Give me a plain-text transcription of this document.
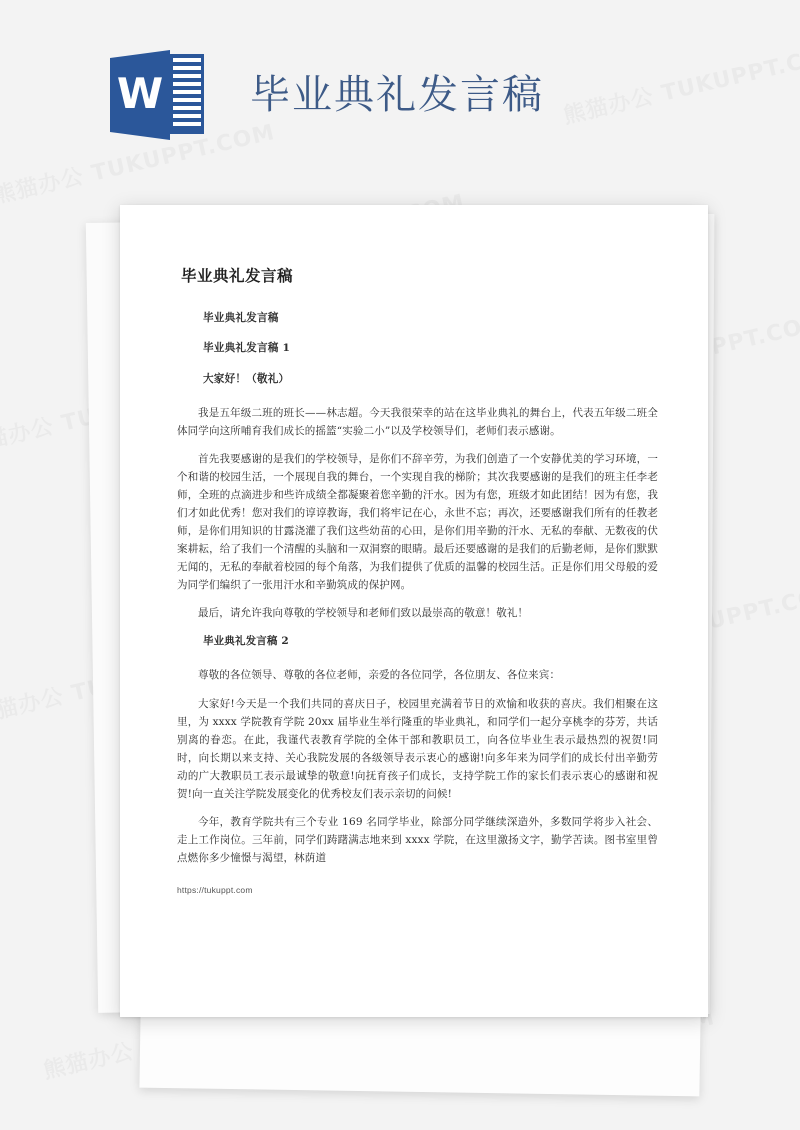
W 毕业典礼发言稿
毕业典礼发言稿

毕业典礼发言稿

毕业典礼发言稿 1

大家好！（敬礼）

我是五年级二班的班长——林志超。今天我很荣幸的站在这毕业典礼的舞台上，代表五年级二班全体同学向这所哺育我们成长的摇篮“实验二小”以及学校领导们，老师们表示感谢。

首先我要感谢的是我们的学校领导，是你们不辞辛劳，为我们创造了一个安静优美的学习环境，一个和谐的校园生活，一个展现自我的舞台，一个实现自我的梯阶；其次我要感谢的是我们的班主任李老师，全班的点滴进步和些许成绩全都凝聚着您辛勤的汗水。因为有您，班级才如此团结！因为有您，我们才如此优秀！您对我们的谆谆教诲，我们将牢记在心，永世不忘；再次，还要感谢我们所有的任教老师，是你们用知识的甘露浇灌了我们这些幼苗的心田，是你们用辛勤的汗水、无私的奉献、无数夜的伏案耕耘，给了我们一个清醒的头脑和一双洞察的眼睛。最后还要感谢的是我们的后勤老师，是你们默默无闻的，无私的奉献着校园的每个角落，为我们提供了优质的温馨的校园生活。正是你们用父母般的爱为同学们编织了一张用汗水和辛勤筑成的保护网。

最后，请允许我向尊敬的学校领导和老师们致以最崇高的敬意！敬礼！

毕业典礼发言稿 2

尊敬的各位领导、尊敬的各位老师，亲爱的各位同学，各位朋友、各位来宾：

大家好!今天是一个我们共同的喜庆日子，校园里充满着节日的欢愉和收获的喜庆。我们相聚在这里，为 xxxx 学院教育学院 20xx 届毕业生举行隆重的毕业典礼，和同学们一起分享桃李的芬芳，共话别离的眷恋。在此，我谨代表教育学院的全体干部和教职员工，向各位毕业生表示最热烈的祝贺!同时，向长期以来支持、关心我院发展的各级领导表示衷心的感谢!向多年来为同学们的成长付出辛勤劳动的广大教职员工表示最诚挚的敬意!向抚育孩子们成长，支持学院工作的家长们表示衷心的感谢和祝贺!向一直关注学院发展变化的优秀校友们表示亲切的问候!

今年，教育学院共有三个专业 169 名同学毕业，除部分同学继续深造外，多数同学将步入社会、走上工作岗位。三年前，同学们踌躇满志地来到 xxxx 学院，在这里激扬文字，勤学苦读。图书室里曾点燃你多少憧憬与渴望，林荫道

https://tukuppt.com
